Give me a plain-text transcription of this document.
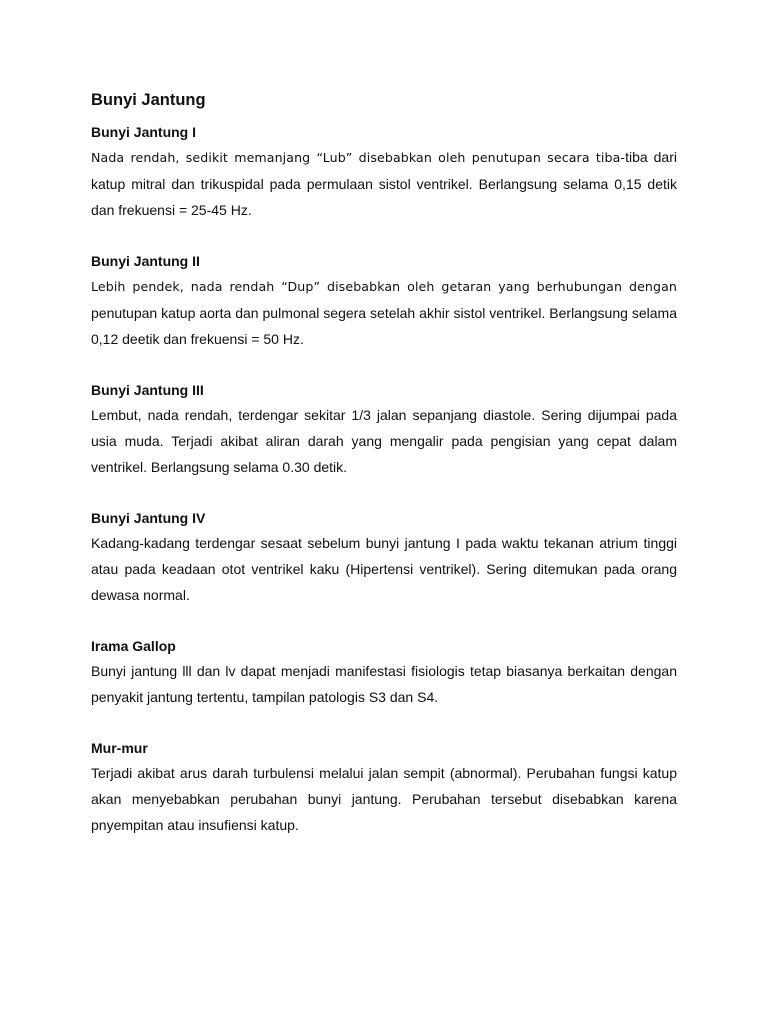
Bunyi Jantung
Bunyi Jantung I

Nada rendah, sedikit memanjang “Lub” disebabkan oleh penutupan secara tiba-tiba dari katup mitral dan trikuspidal pada permulaan sistol ventrikel. Berlangsung selama 0,15 detik dan frekuensi = 25-45 Hz.

Bunyi Jantung II

Lebih pendek, nada rendah “Dup” disebabkan oleh getaran yang berhubungan dengan penutupan katup aorta dan pulmonal segera setelah akhir sistol ventrikel. Berlangsung selama 0,12 deetik dan frekuensi = 50 Hz.

Bunyi Jantung III

Lembut, nada rendah, terdengar sekitar 1/3 jalan sepanjang diastole. Sering dijumpai pada usia muda. Terjadi akibat aliran darah yang mengalir pada pengisian yang cepat dalam ventrikel. Berlangsung selama 0.30 detik.

Bunyi Jantung IV

Kadang-kadang terdengar sesaat sebelum bunyi jantung I pada waktu tekanan atrium tinggi atau pada keadaan otot ventrikel kaku (Hipertensi ventrikel). Sering ditemukan pada orang dewasa normal.

Irama Gallop

Bunyi jantung lll dan lv dapat menjadi manifestasi fisiologis tetap biasanya berkaitan dengan penyakit jantung tertentu, tampilan patologis S3 dan S4.

Mur-mur

Terjadi akibat arus darah turbulensi melalui jalan sempit (abnormal). Perubahan fungsi katup akan menyebabkan perubahan bunyi jantung. Perubahan tersebut disebabkan karena pnyempitan atau insufiensi katup.
